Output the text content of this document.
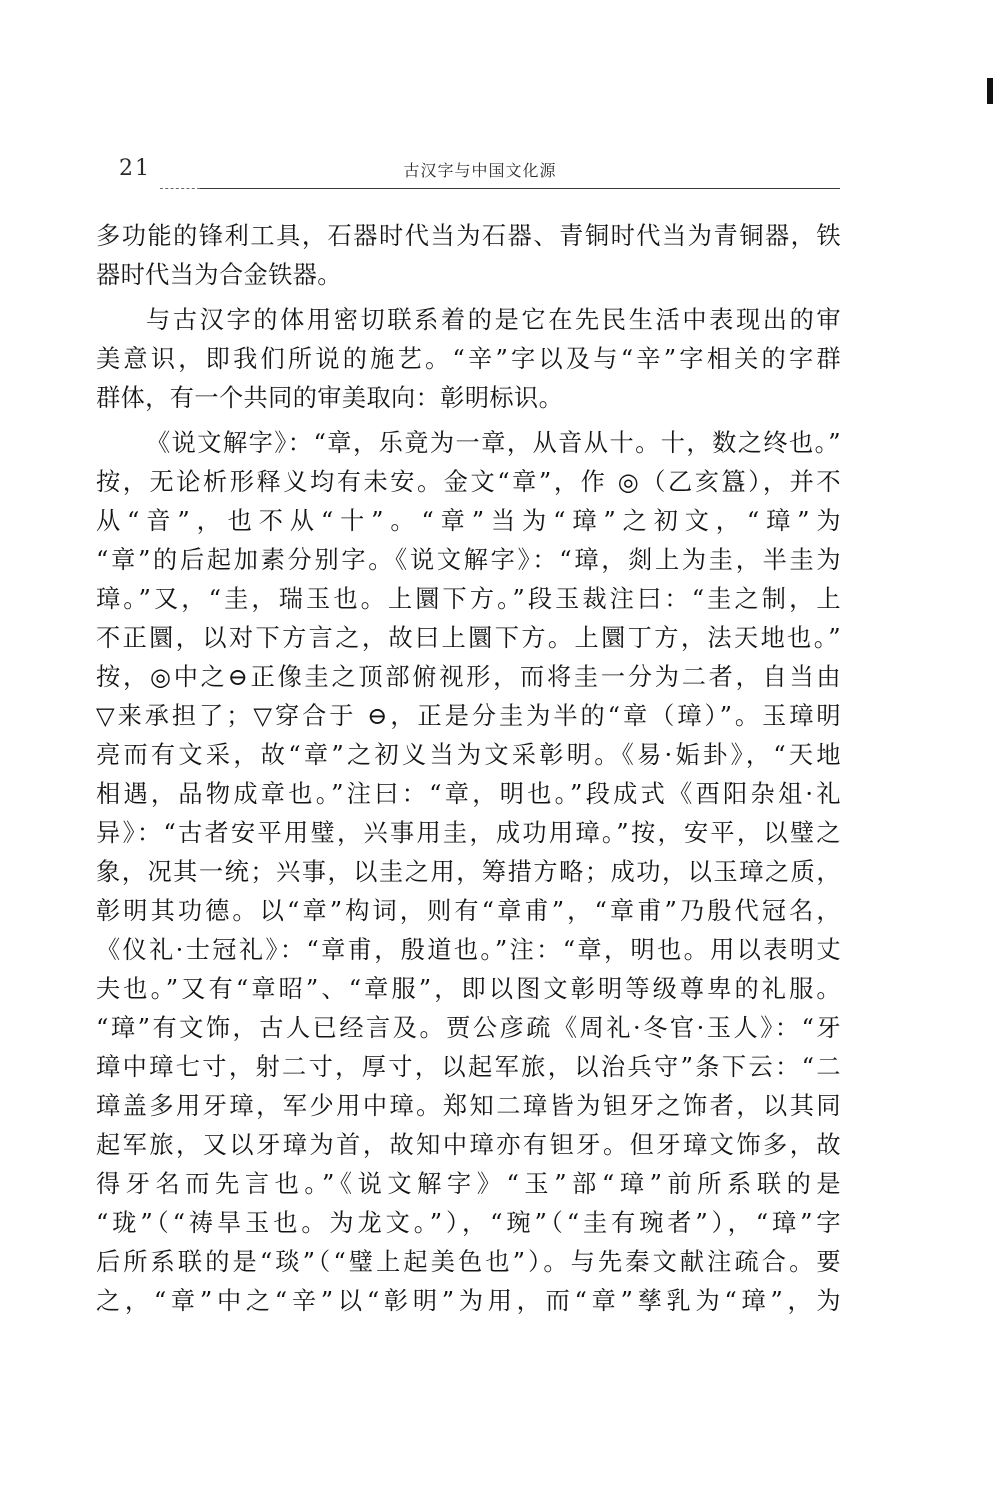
21	古汉字与中国文化源
多功能的锋利工具，石器时代当为石器、青铜时代当为青铜器，铁
器时代当为合金铁器。
与古汉字的体用密切联系着的是它在先民生活中表现出的审
美意识，即我们所说的施艺。“辛”字以及与“辛”字相关的字群
群体，有一个共同的审美取向：彰明标识。
《说文解字》：“章，乐竟为一章，从音从十。十，数之终也。”
按，无论析形释义均有未安。金文“章”，作 ◎（乙亥簋），并不
从“音”，也不从“十”。“章”当为“璋”之初文，“璋”为
“章”的后起加素分别字。《说文解字》：“璋，剡上为圭，半圭为
璋。”又，“圭，瑞玉也。上圜下方。”段玉裁注曰：“圭之制，上
不正圜，以对下方言之，故曰上圜下方。上圜丁方，法天地也。”
按，◎中之⊖正像圭之顶部俯视形，而将圭一分为二者，自当由
▽来承担了；▽穿合于 ⊖，正是分圭为半的“章（璋）”。玉璋明
亮而有文采，故“章”之初义当为文采彰明。《易·姤卦》，“天地
相遇，品物成章也。”注曰：“章，明也。”段成式《酉阳杂俎·礼
异》：“古者安平用璧，兴事用圭，成功用璋。”按，安平，以璧之
象，况其一统；兴事，以圭之用，筹措方略；成功，以玉璋之质，
彰明其功德。以“章”构词，则有“章甫”，“章甫”乃殷代冠名，
《仪礼·士冠礼》：“章甫，殷道也。”注：“章，明也。用以表明丈
夫也。”又有“章昭”、“章服”，即以图文彰明等级尊卑的礼服。
“璋”有文饰，古人已经言及。贾公彦疏《周礼·冬官·玉人》：“牙
璋中璋七寸，射二寸，厚寸，以起军旅，以治兵守”条下云：“二
璋盖多用牙璋，军少用中璋。郑知二璋皆为钽牙之饰者，以其同
起军旅，又以牙璋为首，故知中璋亦有钽牙。但牙璋文饰多，故
得牙名而先言也。”《说文解字》“玉”部“璋”前所系联的是
“珑”（“祷旱玉也。为龙文。”），“琬”（“圭有琬者”），“璋”字
后所系联的是“琰”（“璧上起美色也”）。与先秦文献注疏合。要
之，“章”中之“辛”以“彰明”为用，而“章”孳乳为“璋”，为
